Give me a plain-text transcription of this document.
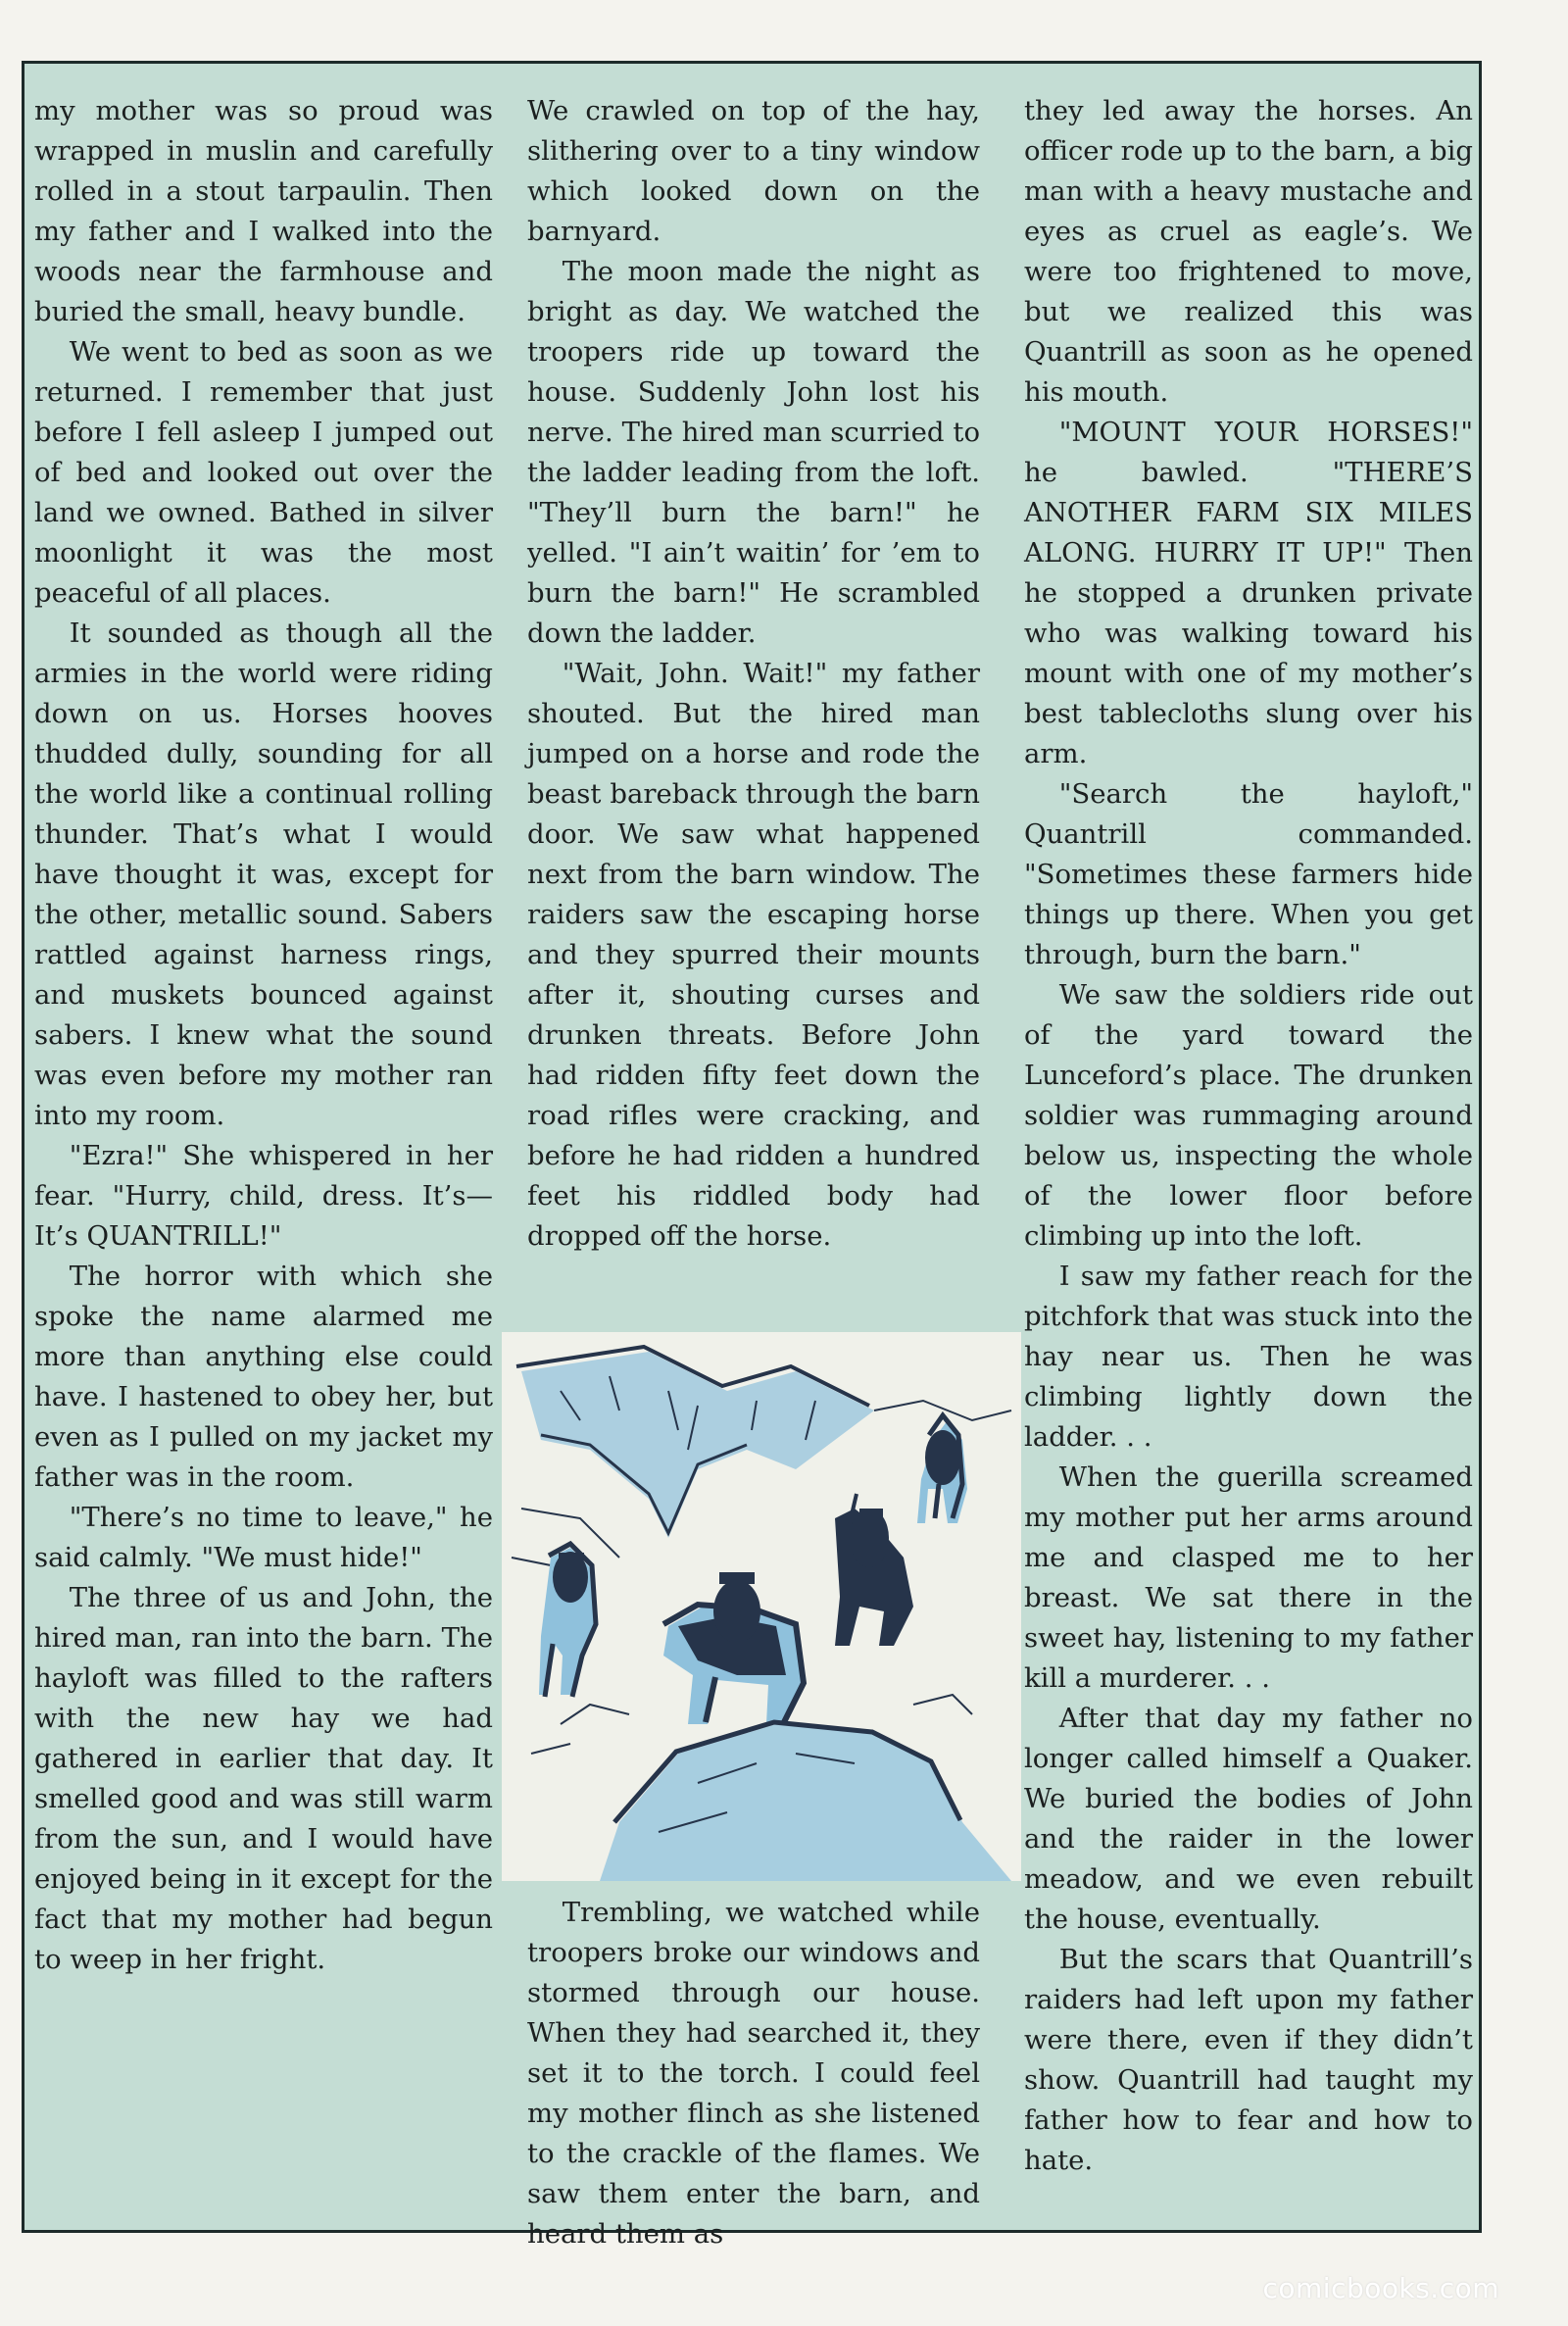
my mother was so proud was wrapped in muslin and carefully rolled in a stout tarpaulin. Then my father and I walked into the woods near the farmhouse and buried the small, heavy bundle.

We went to bed as soon as we returned. I remember that just before I fell asleep I jumped out of bed and looked out over the land we owned. Bathed in silver moonlight it was the most peaceful of all places.

It sounded as though all the armies in the world were riding down on us. Horses hooves thudded dully, sounding for all the world like a continual rolling thunder. That’s what I would have thought it was, except for the other, metallic sound. Sabers rattled against harness rings, and muskets bounced against sabers. I knew what the sound was even before my mother ran into my room.

"Ezra!" She whispered in her fear. "Hurry, child, dress. It’s—It’s QUANTRILL!"

The horror with which she spoke the name alarmed me more than anything else could have. I hastened to obey her, but even as I pulled on my jacket my father was in the room.

"There’s no time to leave," he said calmly. "We must hide!"

The three of us and John, the hired man, ran into the barn. The hayloft was filled to the rafters with the new hay we had gathered in earlier that day. It smelled good and was still warm from the sun, and I would have enjoyed being in it except for the fact that my mother had begun to weep in her fright.

We crawled on top of the hay, slithering over to a tiny window which looked down on the barnyard.

The moon made the night as bright as day. We watched the troopers ride up toward the house. Suddenly John lost his nerve. The hired man scurried to the ladder leading from the loft. "They’ll burn the barn!" he yelled. "I ain’t waitin’ for ’em to burn the barn!" He scrambled down the ladder.

"Wait, John. Wait!" my father shouted. But the hired man jumped on a horse and rode the beast bareback through the barn door. We saw what happened next from the barn window. The raiders saw the escaping horse and they spurred their mounts after it, shouting curses and drunken threats. Before John had ridden fifty feet down the road rifles were cracking, and before he had ridden a hundred feet his riddled body had dropped off the horse.

Trembling, we watched while troopers broke our windows and stormed through our house. When they had searched it, they set it to the torch. I could feel my mother flinch as she listened to the crackle of the flames. We saw them enter the barn, and heard them as

they led away the horses. An officer rode up to the barn, a big man with a heavy mustache and eyes as cruel as eagle’s. We were too frightened to move, but we realized this was Quantrill as soon as he opened his mouth.

"MOUNT YOUR HORSES!" he bawled. "THERE’S ANOTHER FARM SIX MILES ALONG. HURRY IT UP!" Then he stopped a drunken private who was walking toward his mount with one of my mother’s best tablecloths slung over his arm.

"Search the hayloft," Quantrill commanded. "Sometimes these farmers hide things up there. When you get through, burn the barn."

We saw the soldiers ride out of the yard toward the Lunceford’s place. The drunken soldier was rummaging around below us, inspecting the whole of the lower floor before climbing up into the loft.

I saw my father reach for the pitchfork that was stuck into the hay near us. Then he was climbing lightly down the ladder. . .

When the guerilla screamed my mother put her arms around me and clasped me to her breast. We sat there in the sweet hay, listening to my father kill a murderer. . .

After that day my father no longer called himself a Quaker. We buried the bodies of John and the raider in the lower meadow, and we even rebuilt the house, eventually.

But the scars that Quantrill’s raiders had left upon my father were there, even if they didn’t show. Quantrill had taught my father how to fear and how to hate.

comicbooks.com
